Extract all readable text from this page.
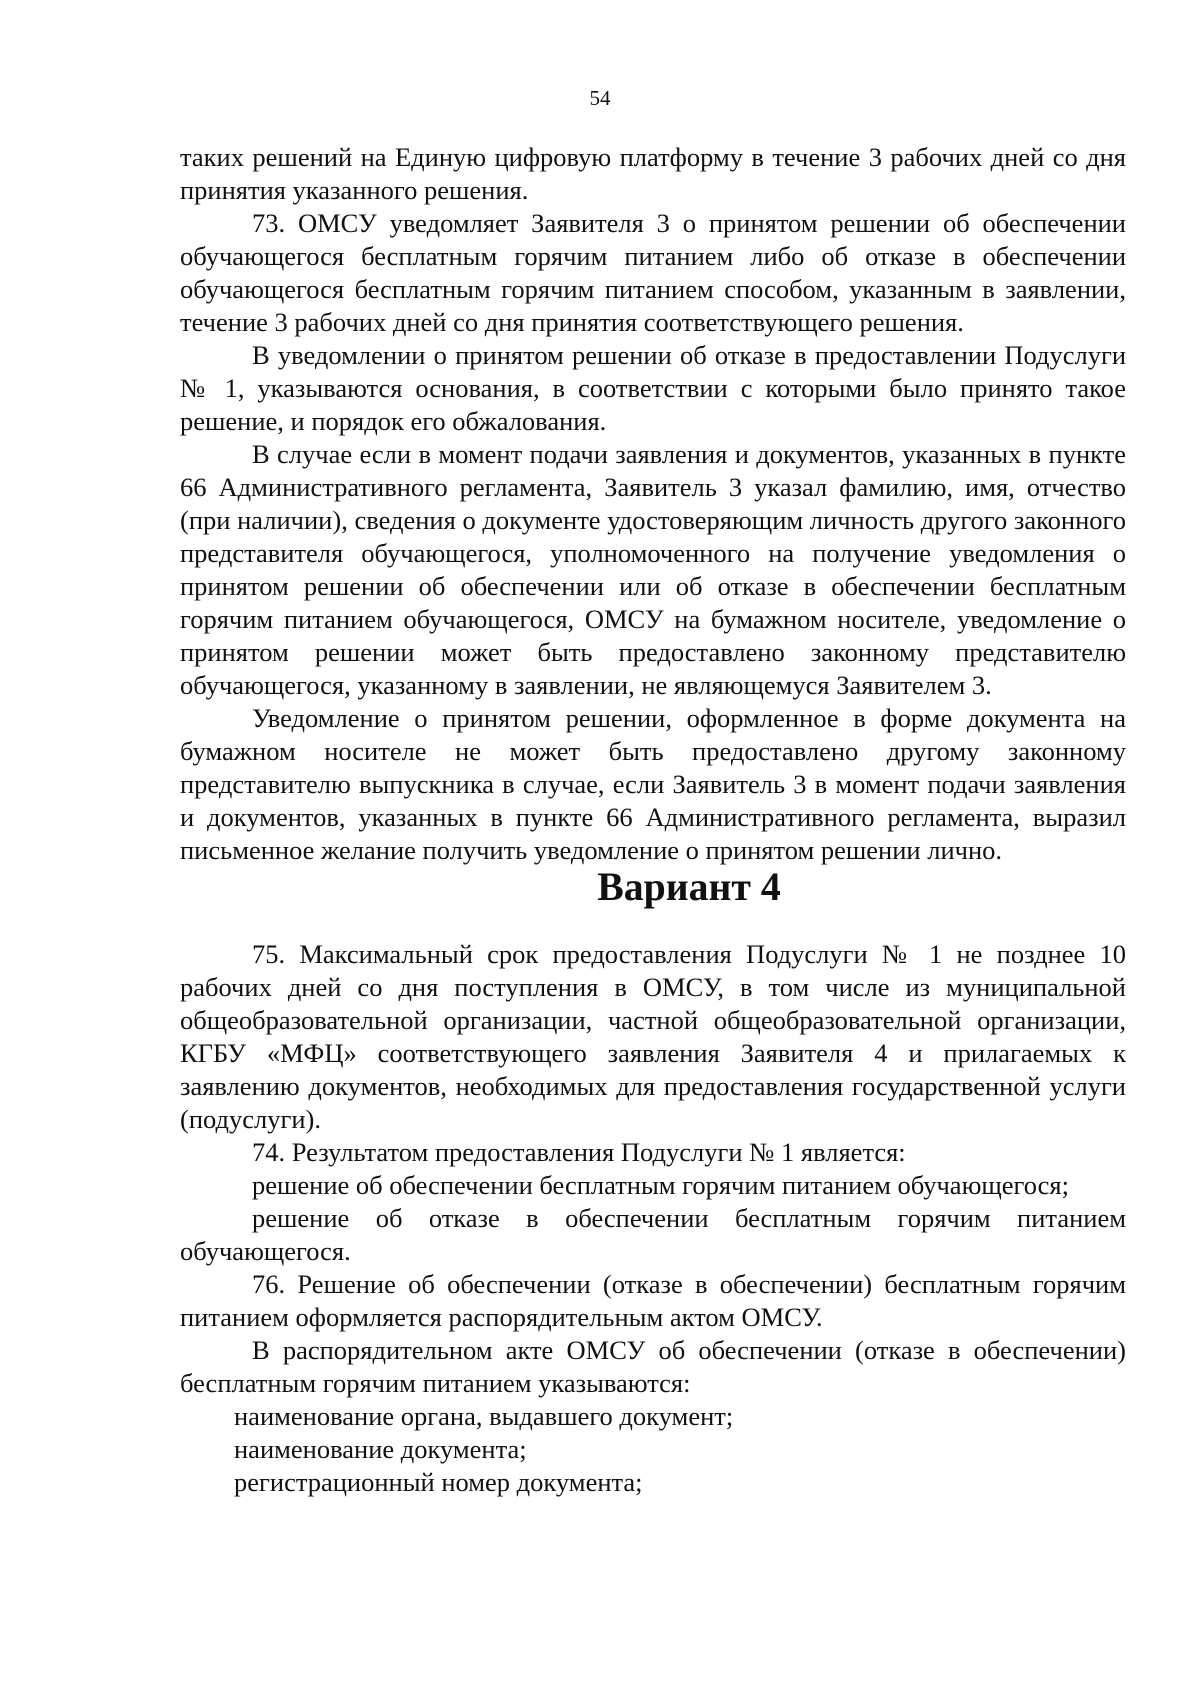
54

таких решений на Единую цифровую платформу в течение 3 рабочих дней со дня принятия указанного решения.

73. ОМСУ уведомляет Заявителя 3 о принятом решении об обеспечении обучающегося бесплатным горячим питанием либо об отказе в обеспечении обучающегося бесплатным горячим питанием способом, указанным в заявлении, течение 3 рабочих дней со дня принятия соответствующего решения.

В уведомлении о принятом решении об отказе в предоставлении Подуслуги № 1, указываются основания, в соответствии с которыми было принято такое решение, и порядок его обжалования.

В случае если в момент подачи заявления и документов, указанных в пункте 66 Административного регламента, Заявитель 3 указал фамилию, имя, отчество (при наличии), сведения о документе удостоверяющим личность другого законного представителя обучающегося, уполномоченного на получение уведомления о принятом решении об обеспечении или об отказе в обеспечении бесплатным горячим питанием обучающегося, ОМСУ на бумажном носителе, уведомление о принятом решении может быть предоставлено законному представителю обучающегося, указанному в заявлении, не являющемуся Заявителем 3.

Уведомление о принятом решении, оформленное в форме документа на бумажном носителе не может быть предоставлено другому законному представителю выпускника в случае, если Заявитель 3 в момент подачи заявления и документов, указанных в пункте 66 Административного регламента, выразил письменное желание получить уведомление о принятом решении лично.

Вариант 4

75. Максимальный срок предоставления Подуслуги № 1 не позднее 10 рабочих дней со дня поступления в ОМСУ, в том числе из муниципальной общеобразовательной организации, частной общеобразовательной организации, КГБУ «МФЦ» соответствующего заявления Заявителя 4 и прилагаемых к заявлению документов, необходимых для предоставления государственной услуги (подуслуги).

74. Результатом предоставления Подуслуги № 1 является:

решение об обеспечении бесплатным горячим питанием обучающегося;

решение об отказе в обеспечении бесплатным горячим питанием обучающегося.

76. Решение об обеспечении (отказе в обеспечении) бесплатным горячим питанием оформляется распорядительным актом ОМСУ.

В распорядительном акте ОМСУ об обеспечении (отказе в обеспечении) бесплатным горячим питанием указываются:

наименование органа, выдавшего документ;

наименование документа;

регистрационный номер документа;
